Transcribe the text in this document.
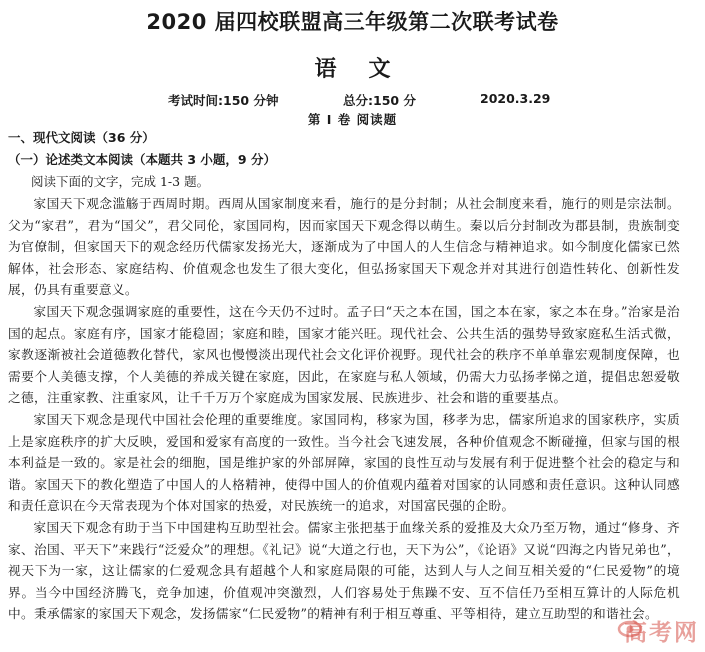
2020 届四校联盟高三年级第二次联考试卷
语文
考试时间:150 分钟	总分:150 分	2020.3.29
第 I 卷 阅读题
一、现代文阅读（36 分）
（一）论述类文本阅读（本题共 3 小题，9 分）
阅读下面的文字，完成 1-3 题。

家国天下观念滥觞于西周时期。西周从国家制度来看，施行的是分封制；从社会制度来看，施行的则是宗法制。父为“家君”，君为“国父”，君父同伦，家国同构，因而家国天下观念得以萌生。秦以后分封制改为郡县制，贵族制变为官僚制，但家国天下的观念经历代儒家发扬光大，逐渐成为了中国人的人生信念与精神追求。如今制度化儒家已然解体，社会形态、家庭结构、价值观念也发生了很大变化，但弘扬家国天下观念并对其进行创造性转化、创新性发展，仍具有重要意义。

家国天下观念强调家庭的重要性，这在今天仍不过时。孟子曰“天之本在国，国之本在家，家之本在身。”治家是治国的起点。家庭有序，国家才能稳固；家庭和睦，国家才能兴旺。现代社会、公共生活的强势导致家庭私生活式微，家教逐渐被社会道德教化替代，家风也慢慢淡出现代社会文化评价视野。现代社会的秩序不单单靠宏观制度保障，也需要个人美德支撑，个人美德的养成关键在家庭，因此，在家庭与私人领域，仍需大力弘扬孝悌之道，提倡忠恕爱敬之德，注重家教、注重家风，让千千万万个家庭成为国家发展、民族进步、社会和谐的重要基点。

家国天下观念是现代中国社会伦理的重要维度。家国同构，移家为国，移孝为忠，儒家所追求的国家秩序，实质上是家庭秩序的扩大反映，爱国和爱家有高度的一致性。当今社会飞速发展，各种价值观念不断碰撞，但家与国的根本利益是一致的。家是社会的细胞，国是维护家的外部屏障，家国的良性互动与发展有利于促进整个社会的稳定与和谐。家国天下的教化塑造了中国人的人格精神，使得中国人的价值观内蕴着对国家的认同感和责任意识。这种认同感和责任意识在今天常表现为个体对国家的热爱，对民族统一的追求，对国富民强的企盼。

家国天下观念有助于当下中国建构互助型社会。儒家主张把基于血缘关系的爱推及大众乃至万物，通过“修身、齐家、治国、平天下”来践行“泛爱众”的理想。《礼记》说“大道之行也，天下为公”，《论语》又说“四海之内皆兄弟也”，视天下为一家，这让儒家的仁爱观念具有超越个人和家庭局限的可能，达到人与人之间互相关爱的“仁民爱物”的境界。当今中国经济腾飞，竞争加速，价值观冲突激烈，人们容易处于焦躁不安、互不信任乃至相互算计的人际危机中。秉承儒家的家国天下观念，发扬儒家“仁民爱物”的精神有利于相互尊重、平等相待，建立互助型的和谐社会。

高考网
